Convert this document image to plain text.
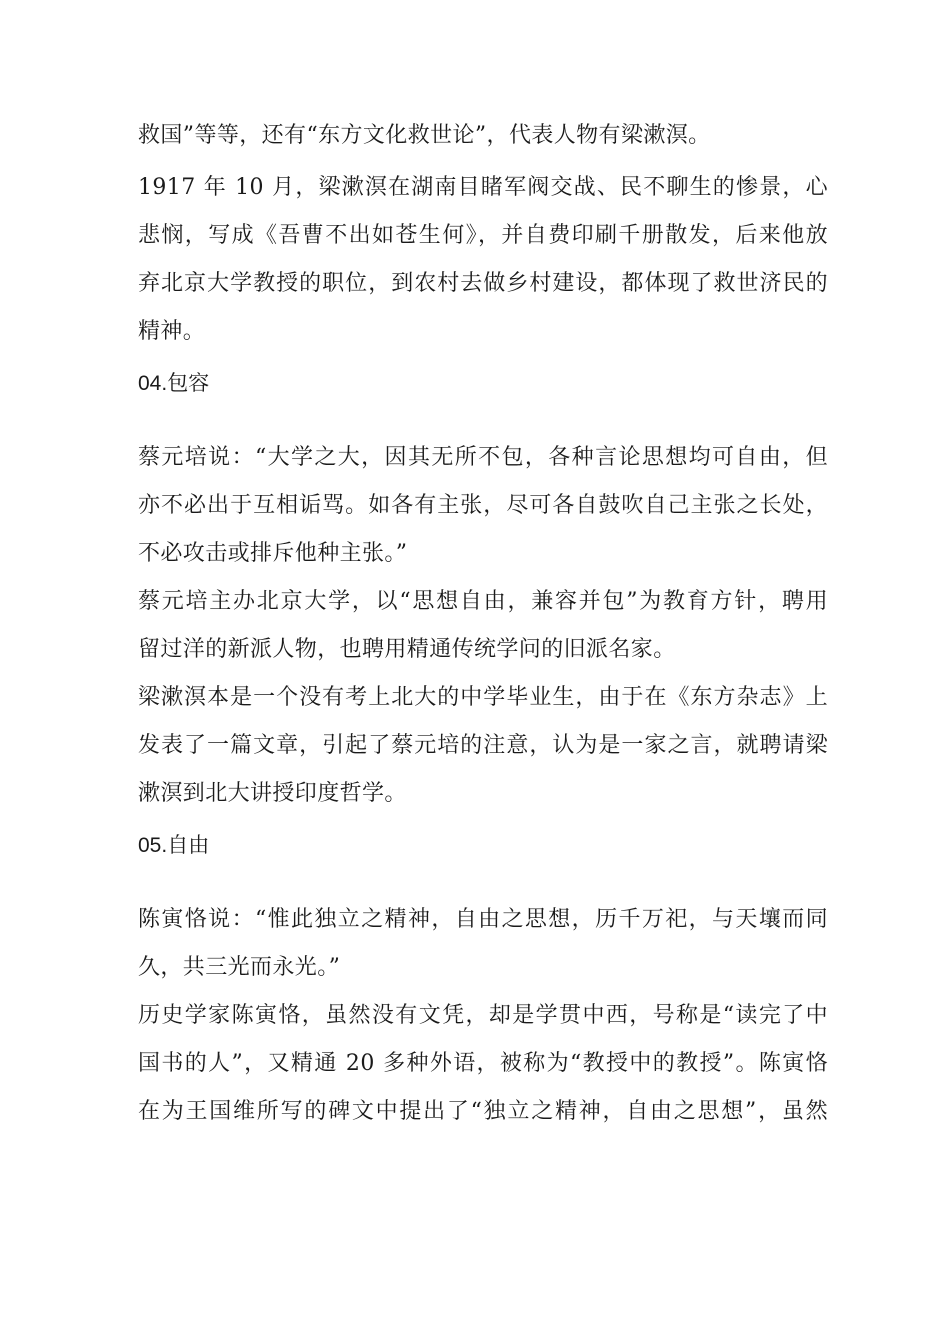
救国”等等，还有“东方文化救世论”，代表人物有梁漱溟。
1917 年 10 月，梁漱溟在湖南目睹军阀交战、民不聊生的惨景，心
悲悯，写成《吾曹不出如苍生何》，并自费印刷千册散发，后来他放
弃北京大学教授的职位，到农村去做乡村建设，都体现了救世济民的
精神。
04.包容
蔡元培说：“大学之大，因其无所不包，各种言论思想均可自由，但
亦不必出于互相诟骂。如各有主张，尽可各自鼓吹自己主张之长处，
不必攻击或排斥他种主张。”
蔡元培主办北京大学，以“思想自由，兼容并包”为教育方针，聘用
留过洋的新派人物，也聘用精通传统学问的旧派名家。
梁漱溟本是一个没有考上北大的中学毕业生，由于在《东方杂志》上
发表了一篇文章，引起了蔡元培的注意，认为是一家之言，就聘请梁
漱溟到北大讲授印度哲学。
05.自由
陈寅恪说：“惟此独立之精神，自由之思想，历千万祀，与天壤而同
久，共三光而永光。”
历史学家陈寅恪，虽然没有文凭，却是学贯中西，号称是“读完了中
国书的人”，又精通 20 多种外语，被称为“教授中的教授”。陈寅恪
在为王国维所写的碑文中提出了“独立之精神，自由之思想”，虽然
